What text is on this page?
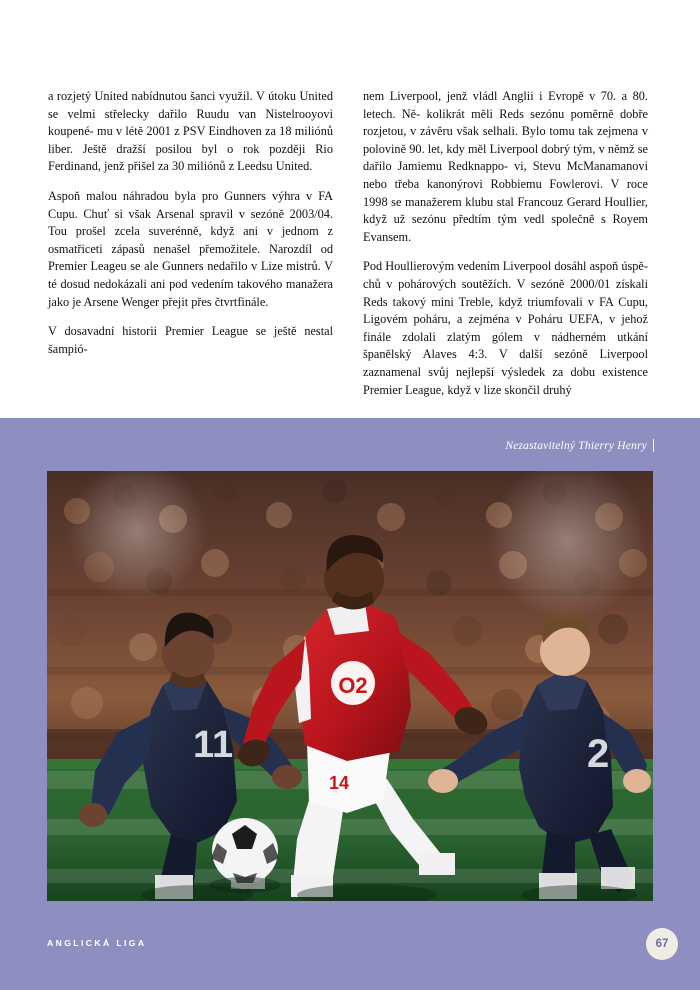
a rozjetý United nabídnutou šanci využil. V útoku United se velmi střelecky dařilo Ruudu van Nistelrooyovi koupené- mu v létě 2001 z PSV Eindhoven za 18 miliónů liber. Ještě dražší posilou byl o rok později Rio Ferdinand, jenž přišel za 30 miliónů z Leedsu United.

Aspoň malou náhradou byla pro Gunners výhra v FA Cupu. Chuť si však Arsenal spravil v sezóně 2003/04. Tou prošel zcela suverénně, když ani v jednom z osmatřiceti zápasů nenašel přemožitele. Narozdíl od Premier Leageu se ale Gunners nedařilo v Lize mistrů. V té dosud nedokázali ani pod vedením takového manažera jako je Arsene Wenger přejit přes čtvrtfinále.

V dosavadní historii Premier League se ještě nestal šampió-

nem Liverpool, jenž vládl Anglii i Evropě v 70. a 80. letech. Ně- kolikrát měli Reds sezónu poměrně dobře rozjetou, v závěru však selhali. Bylo tomu tak zejmena v polovině 90. let, kdy měl Liverpool dobrý tým, v němž se dařilo Jamiemu Redknappo- vi, Stevu McManamanovi nebo třeba kanonýrovi Robbiemu Fowlerovi. V roce 1998 se manažerem klubu stal Francouz Gerard Houllier, když už sezónu předtím tým vedl společně s Royem Evansem.

Pod Houllierovým vedením Liverpool dosáhl aspoň úspě- chů v pohárových soutěžích. V sezóně 2000/01 získali Reds takový mini Treble, když triumfovali v FA Cupu, Ligovém poháru, a zejména v Poháru UEFA, v jehož finále zdolali zlatým gólem v nádherném utkání španělský Alaves 4:3. V další sezóně Liverpool zaznamenal svůj nejlepší výsledek za dobu existence Premier League, když v lize skončil druhý

Nezastavitelný Thierry Henry
11	2
14
O2
ANGLICKÁ LIGA	67
